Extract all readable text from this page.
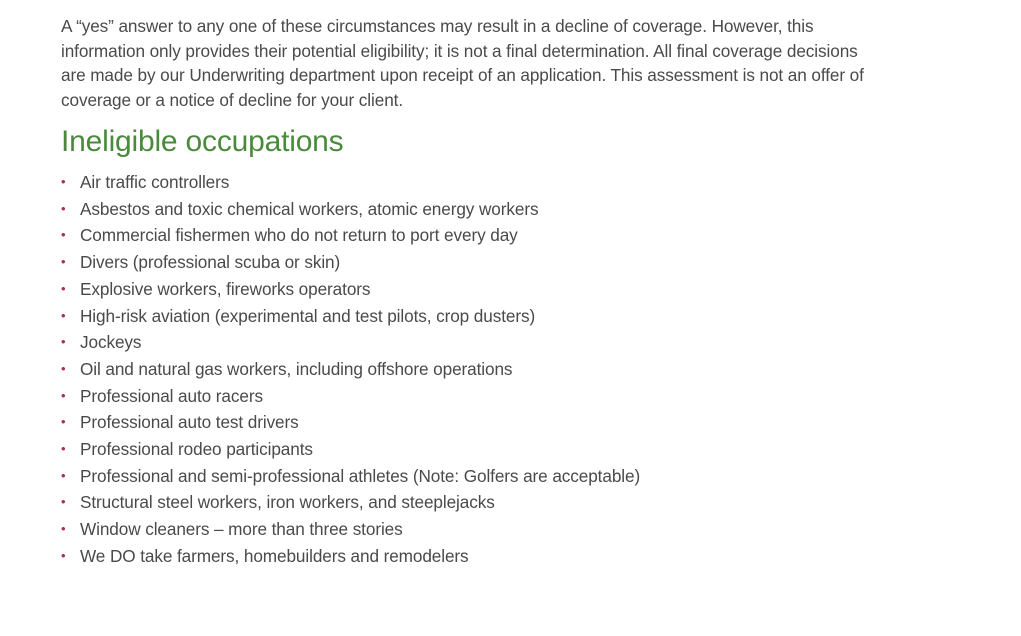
A “yes” answer to any one of these circumstances may result in a decline of coverage. However, this
information only provides their potential eligibility; it is not a final determination. All final coverage decisions
are made by our Underwriting department upon receipt of an application. This assessment is not an offer of
coverage or a notice of decline for your client.

Ineligible occupations
• Air traffic controllers
• Asbestos and toxic chemical workers, atomic energy workers
• Commercial fishermen who do not return to port every day
• Divers (professional scuba or skin)
• Explosive workers, fireworks operators
• High-risk aviation (experimental and test pilots, crop dusters)
• Jockeys
• Oil and natural gas workers, including offshore operations
• Professional auto racers
• Professional auto test drivers
• Professional rodeo participants
• Professional and semi-professional athletes (Note: Golfers are acceptable)
• Structural steel workers, iron workers, and steeplejacks
• Window cleaners – more than three stories
• We DO take farmers, homebuilders and remodelers
